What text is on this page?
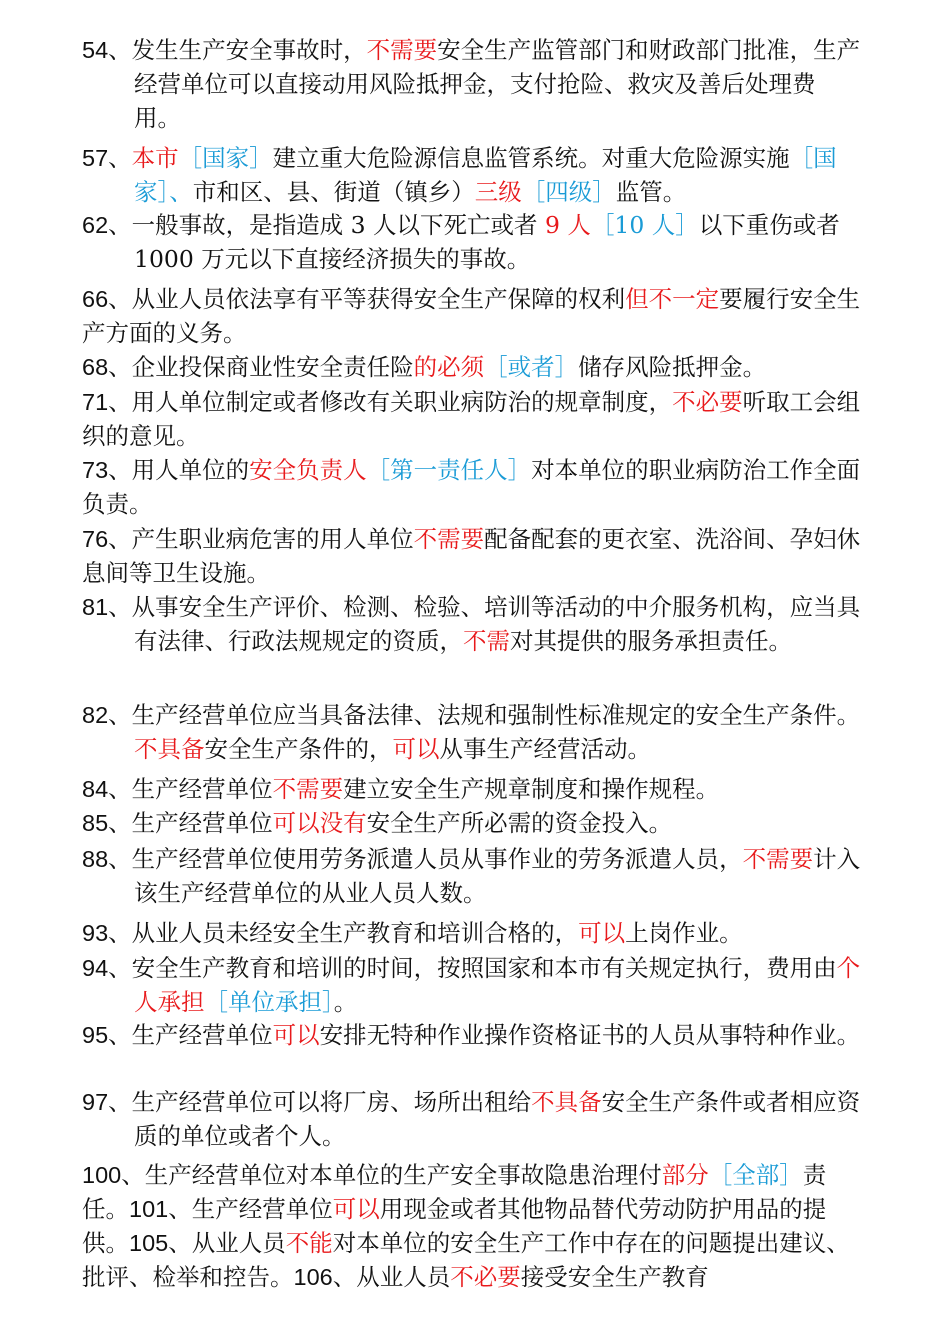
54、发生生产安全事故时，不需要安全生产监管部门和财政部门批准，生产经营单位可以直接动用风险抵押金，支付抢险、救灾及善后处理费用。
57、本市［国家］建立重大危险源信息监管系统。对重大危险源实施［国家］、市和区、县、街道（镇乡）三级［四级］监管。
62、一般事故，是指造成 3 人以下死亡或者 9 人［10 人］以下重伤或者 1000 万元以下直接经济损失的事故。
66、从业人员依法享有平等获得安全生产保障的权利但不一定要履行安全生产方面的义务。
68、企业投保商业性安全责任险的必须［或者］储存风险抵押金。
71、用人单位制定或者修改有关职业病防治的规章制度，不必要听取工会组织的意见。
73、用人单位的安全负责人［第一责任人］对本单位的职业病防治工作全面负责。
76、产生职业病危害的用人单位不需要配备配套的更衣室、洗浴间、孕妇休息间等卫生设施。
81、从事安全生产评价、检测、检验、培训等活动的中介服务机构，应当具有法律、行政法规规定的资质，不需对其提供的服务承担责任。
82、生产经营单位应当具备法律、法规和强制性标准规定的安全生产条件。不具备安全生产条件的，可以从事生产经营活动。
84、生产经营单位不需要建立安全生产规章制度和操作规程。
85、生产经营单位可以没有安全生产所必需的资金投入。
88、生产经营单位使用劳务派遣人员从事作业的劳务派遣人员，不需要计入该生产经营单位的从业人员人数。
93、从业人员未经安全生产教育和培训合格的，可以上岗作业。
94、安全生产教育和培训的时间，按照国家和本市有关规定执行，费用由个人承担［单位承担］。
95、生产经营单位可以安排无特种作业操作资格证书的人员从事特种作业。
97、生产经营单位可以将厂房、场所出租给不具备安全生产条件或者相应资质的单位或者个人。
100、生产经营单位对本单位的生产安全事故隐患治理付部分［全部］责任。101、生产经营单位可以用现金或者其他物品替代劳动防护用品的提供。105、从业人员不能对本单位的安全生产工作中存在的问题提出建议、批评、检举和控告。106、从业人员不必要接受安全生产教育
